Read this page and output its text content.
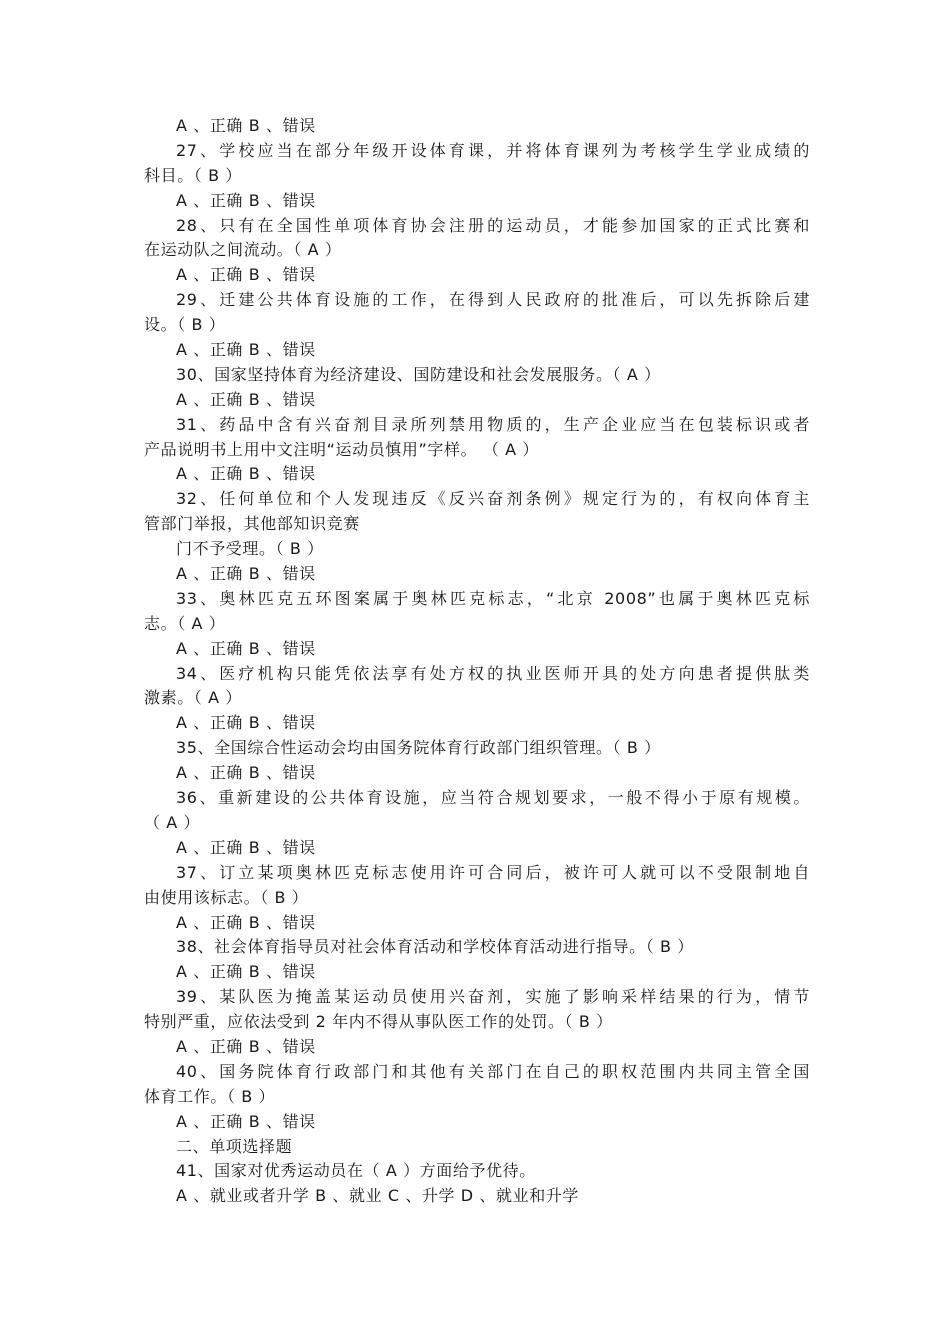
A 、正确 B 、错误
27、学校应当在部分年级开设体育课，并将体育课列为考核学生学业成绩的
科目。（ B ）
A 、正确 B 、错误
28、只有在全国性单项体育协会注册的运动员，才能参加国家的正式比赛和
在运动队之间流动。（ A ）
A 、正确 B 、错误
29、迁建公共体育设施的工作，在得到人民政府的批准后，可以先拆除后建
设。（ B ）
A 、正确 B 、错误
30、国家坚持体育为经济建设、国防建设和社会发展服务。（ A ）
A 、正确 B 、错误
31、药品中含有兴奋剂目录所列禁用物质的，生产企业应当在包装标识或者
产品说明书上用中文注明“运动员慎用”字样。 （ A ）
A 、正确 B 、错误
32、任何单位和个人发现违反《反兴奋剂条例》规定行为的，有权向体育主
管部门举报，其他部知识竞赛
门不予受理。（ B ）
A 、正确 B 、错误
33、奥林匹克五环图案属于奥林匹克标志，“北京 2008”也属于奥林匹克标
志。（ A ）
A 、正确 B 、错误
34、医疗机构只能凭依法享有处方权的执业医师开具的处方向患者提供肽类
激素。（ A ）
A 、正确 B 、错误
35、全国综合性运动会均由国务院体育行政部门组织管理。（ B ）
A 、正确 B 、错误
36、重新建设的公共体育设施，应当符合规划要求，一般不得小于原有规模。
（ A ）
A 、正确 B 、错误
37、订立某项奥林匹克标志使用许可合同后，被许可人就可以不受限制地自
由使用该标志。（ B ）
A 、正确 B 、错误
38、社会体育指导员对社会体育活动和学校体育活动进行指导。（ B ）
A 、正确 B 、错误
39、某队医为掩盖某运动员使用兴奋剂，实施了影响采样结果的行为，情节
特别严重，应依法受到 2 年内不得从事队医工作的处罚。（ B ）
A 、正确 B 、错误
40、国务院体育行政部门和其他有关部门在自己的职权范围内共同主管全国
体育工作。（ B ）
A 、正确 B 、错误
二、单项选择题
41、国家对优秀运动员在（ A ）方面给予优待。
A 、就业或者升学 B 、就业 C 、升学 D 、就业和升学
